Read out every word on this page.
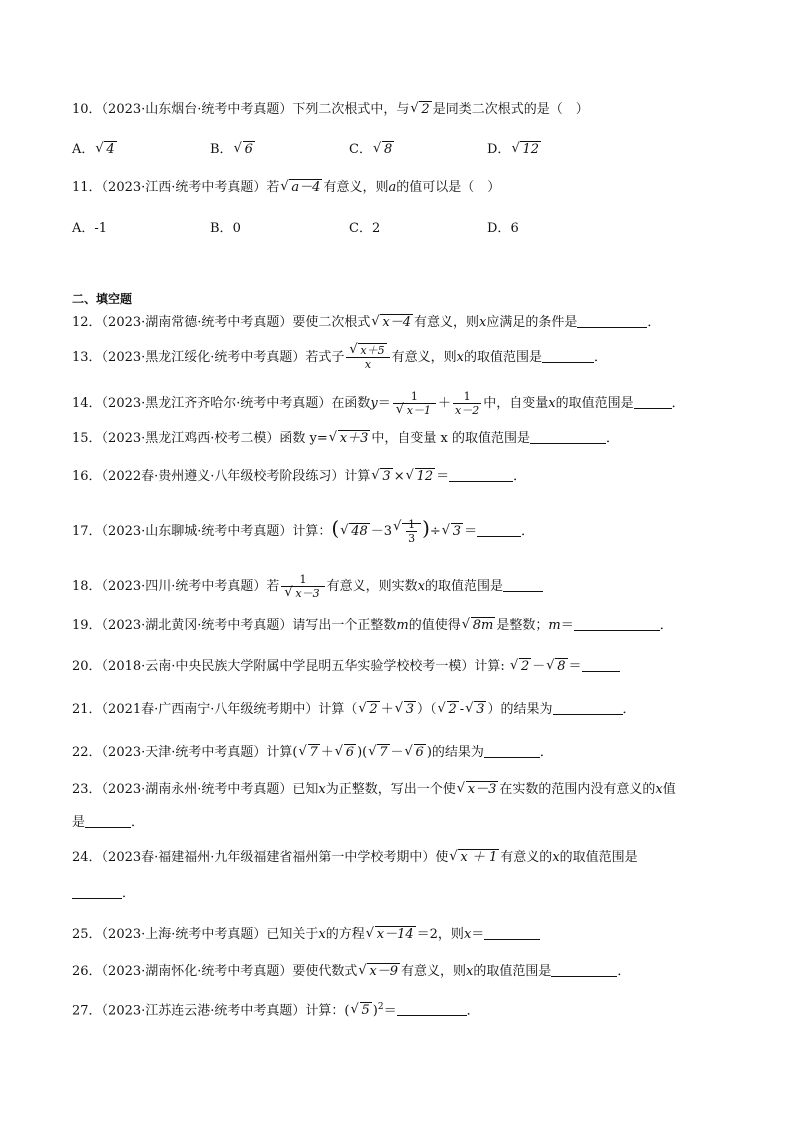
10．（2023·山东烟台·统考中考真题）下列二次根式中，与 √ 2 是同类二次根式的是（　）
A． √ 4	B． √ 6	C． √ 8	D． √ 12
11．（2023·江西·统考中考真题）若 √ a－4 有意义，则a的值可以是（　）
A．-1	B．0	C．2	D．6
二、填空题
12．（2023·湖南常德·统考中考真题）要使二次根式 √ x－4 有意义，则x应满足的条件是	．
13．（2023·黑龙江绥化·统考中考真题）若式子 √ $\frac{x+5}{x}$ 有意义，则x的取值范围是	．
14．（2023·黑龙江齐齐哈尔·统考中考真题）在函数y＝ 1
√ $x-1 + \frac{1}{x-2}$ 中，自变量x的取值范围是	．
15．（2023·黑龙江鸡西·校考二模）函数 y= √ x＋3 中，自变量 x 的取值范围是	．
16．（2022春·贵州遵义·八年级校考阶段练习）计算 √ 3 × √ 12 ＝	．
17．（2023·山东聊城·统考中考真题）计算：( √ 48 －3 √ $\frac{1}{3}$ )÷ √ 3 ＝	．
18．（2023·四川·统考中考真题）若 1
√ x－3 有意义，则实数x的取值范围是
19．（2023·湖北黄冈·统考中考真题）请写出一个正整数m的值使得 √ 8m 是整数；m＝	．
20．（2018·云南·中央民族大学附属中学昆明五华实验学校校考一模）计算: √ 2 － √ 8 ＝
21．（2021春·广西南宁·八年级统考期中）计算（ √ 2 ＋ √ 3 ）（ √ 2 - √ 3 ）的结果为	．
22．（2023·天津·统考中考真题）计算( √ 7 ＋ √ 6 )( √ 7 － √ 6 )的结果为	．
23．（2023·湖南永州·统考中考真题）已知x为正整数，写出一个使 √ x－3 在实数的范围内没有意义的x值
是	．
24．（2023春·福建福州·九年级福建省福州第一中学校考期中）使 √ x ＋ 1 有意义的x的取值范围是
．
25．（2023·上海·统考中考真题）已知关于x的方程 √ x－14 ＝2，则x＝
26．（2023·湖南怀化·统考中考真题）要使代数式 √ x－9 有意义，则x的取值范围是	．
27．（2023·江苏连云港·统考中考真题）计算：( √ 5 )$^2$＝	．
